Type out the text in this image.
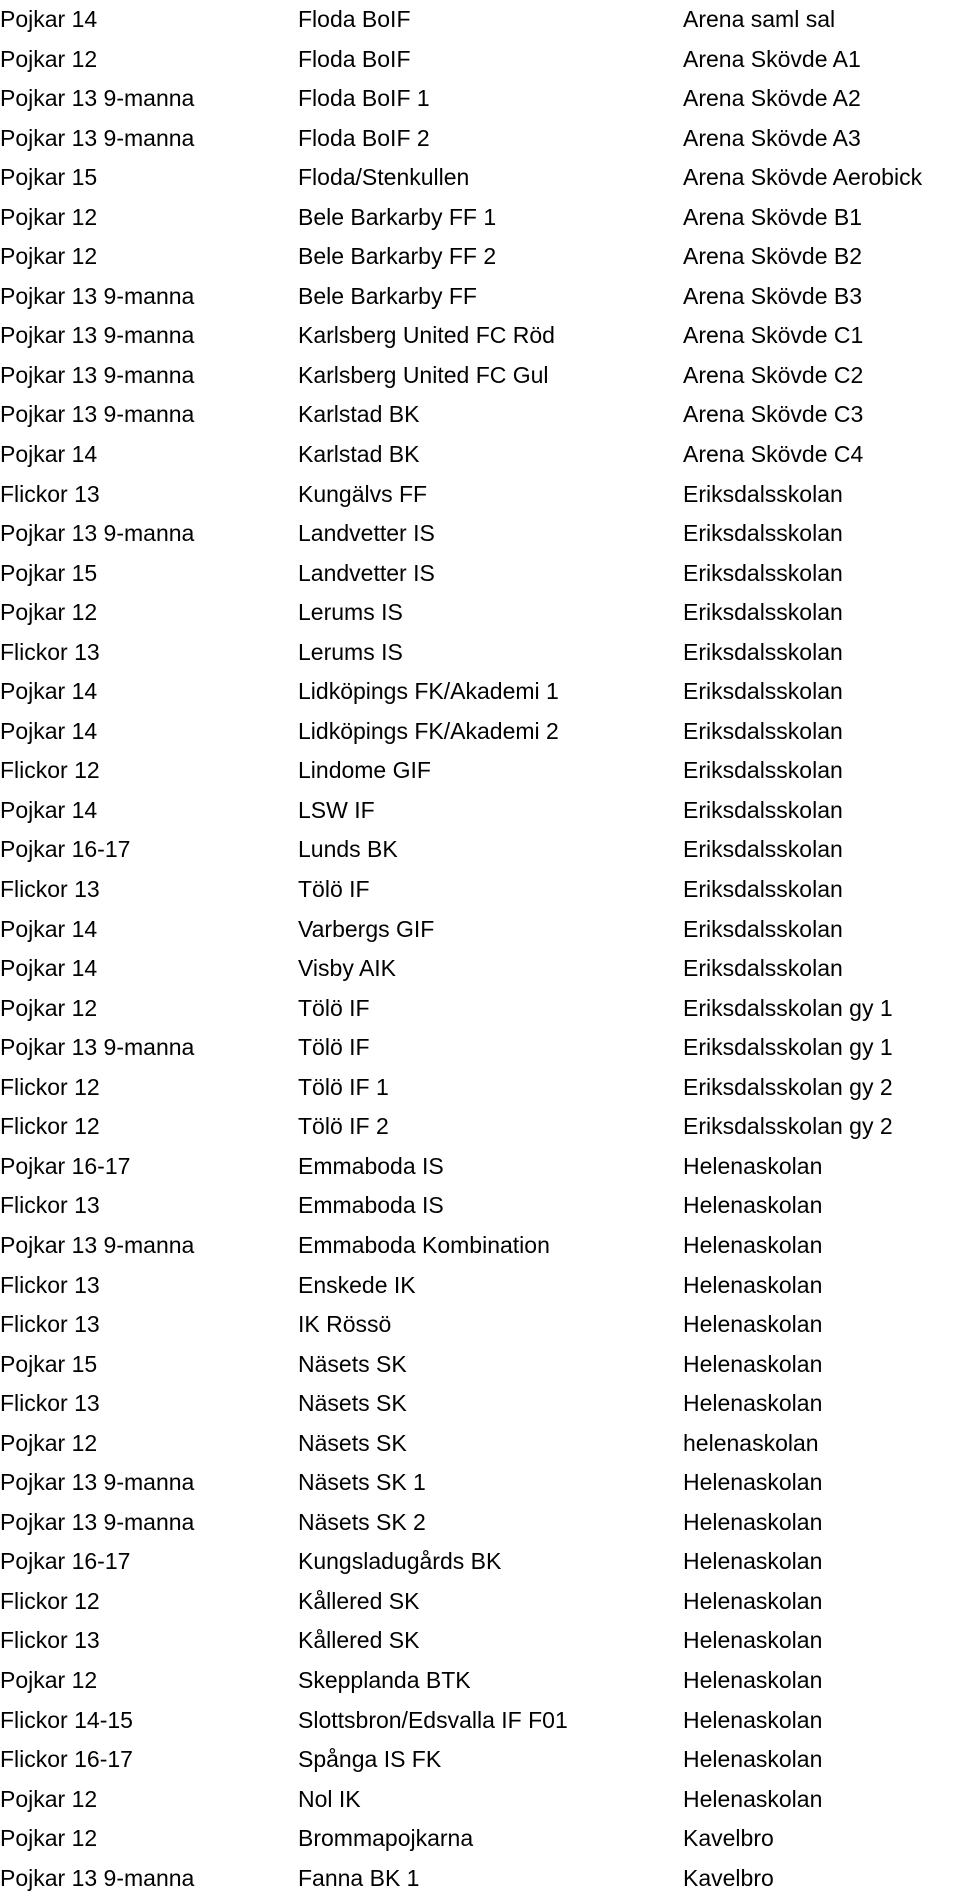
Pojkar 14	Floda BoIF	Arena saml sal
Pojkar 12	Floda BoIF	Arena Skövde A1
Pojkar 13 9-manna	Floda BoIF 1	Arena Skövde A2
Pojkar 13 9-manna	Floda BoIF 2	Arena Skövde A3
Pojkar 15	Floda/Stenkullen	Arena Skövde Aerobick
Pojkar 12	Bele Barkarby FF 1	Arena Skövde B1
Pojkar 12	Bele Barkarby FF 2	Arena Skövde B2
Pojkar 13 9-manna	Bele Barkarby FF	Arena Skövde B3
Pojkar 13 9-manna	Karlsberg United FC Röd	Arena Skövde C1
Pojkar 13 9-manna	Karlsberg United FC Gul	Arena Skövde C2
Pojkar 13 9-manna	Karlstad BK	Arena Skövde C3
Pojkar 14	Karlstad BK	Arena Skövde C4
Flickor 13	Kungälvs FF	Eriksdalsskolan
Pojkar 13 9-manna	Landvetter IS	Eriksdalsskolan
Pojkar 15	Landvetter IS	Eriksdalsskolan
Pojkar 12	Lerums IS	Eriksdalsskolan
Flickor 13	Lerums IS	Eriksdalsskolan
Pojkar 14	Lidköpings FK/Akademi 1	Eriksdalsskolan
Pojkar 14	Lidköpings FK/Akademi 2	Eriksdalsskolan
Flickor 12	Lindome GIF	Eriksdalsskolan
Pojkar 14	LSW IF	Eriksdalsskolan
Pojkar 16-17	Lunds BK	Eriksdalsskolan
Flickor 13	Tölö IF	Eriksdalsskolan
Pojkar 14	Varbergs GIF	Eriksdalsskolan
Pojkar 14	Visby AIK	Eriksdalsskolan
Pojkar 12	Tölö IF	Eriksdalsskolan gy 1
Pojkar 13 9-manna	Tölö IF	Eriksdalsskolan gy 1
Flickor 12	Tölö IF 1	Eriksdalsskolan gy 2
Flickor 12	Tölö IF 2	Eriksdalsskolan gy 2
Pojkar 16-17	Emmaboda IS	Helenaskolan
Flickor 13	Emmaboda IS	Helenaskolan
Pojkar 13 9-manna	Emmaboda Kombination	Helenaskolan
Flickor 13	Enskede IK	Helenaskolan
Flickor 13	IK Rössö	Helenaskolan
Pojkar 15	Näsets SK	Helenaskolan
Flickor 13	Näsets SK	Helenaskolan
Pojkar 12	Näsets SK	helenaskolan
Pojkar 13 9-manna	Näsets SK 1	Helenaskolan
Pojkar 13 9-manna	Näsets SK 2	Helenaskolan
Pojkar 16-17	Kungsladugårds BK	Helenaskolan
Flickor 12	Kållered SK	Helenaskolan
Flickor 13	Kållered SK	Helenaskolan
Pojkar 12	Skepplanda BTK	Helenaskolan
Flickor 14-15	Slottsbron/Edsvalla IF F01	Helenaskolan
Flickor 16-17	Spånga IS FK	Helenaskolan
Pojkar 12	Nol IK	Helenaskolan
Pojkar 12	Brommapojkarna	Kavelbro
Pojkar 13 9-manna	Fanna BK 1	Kavelbro
